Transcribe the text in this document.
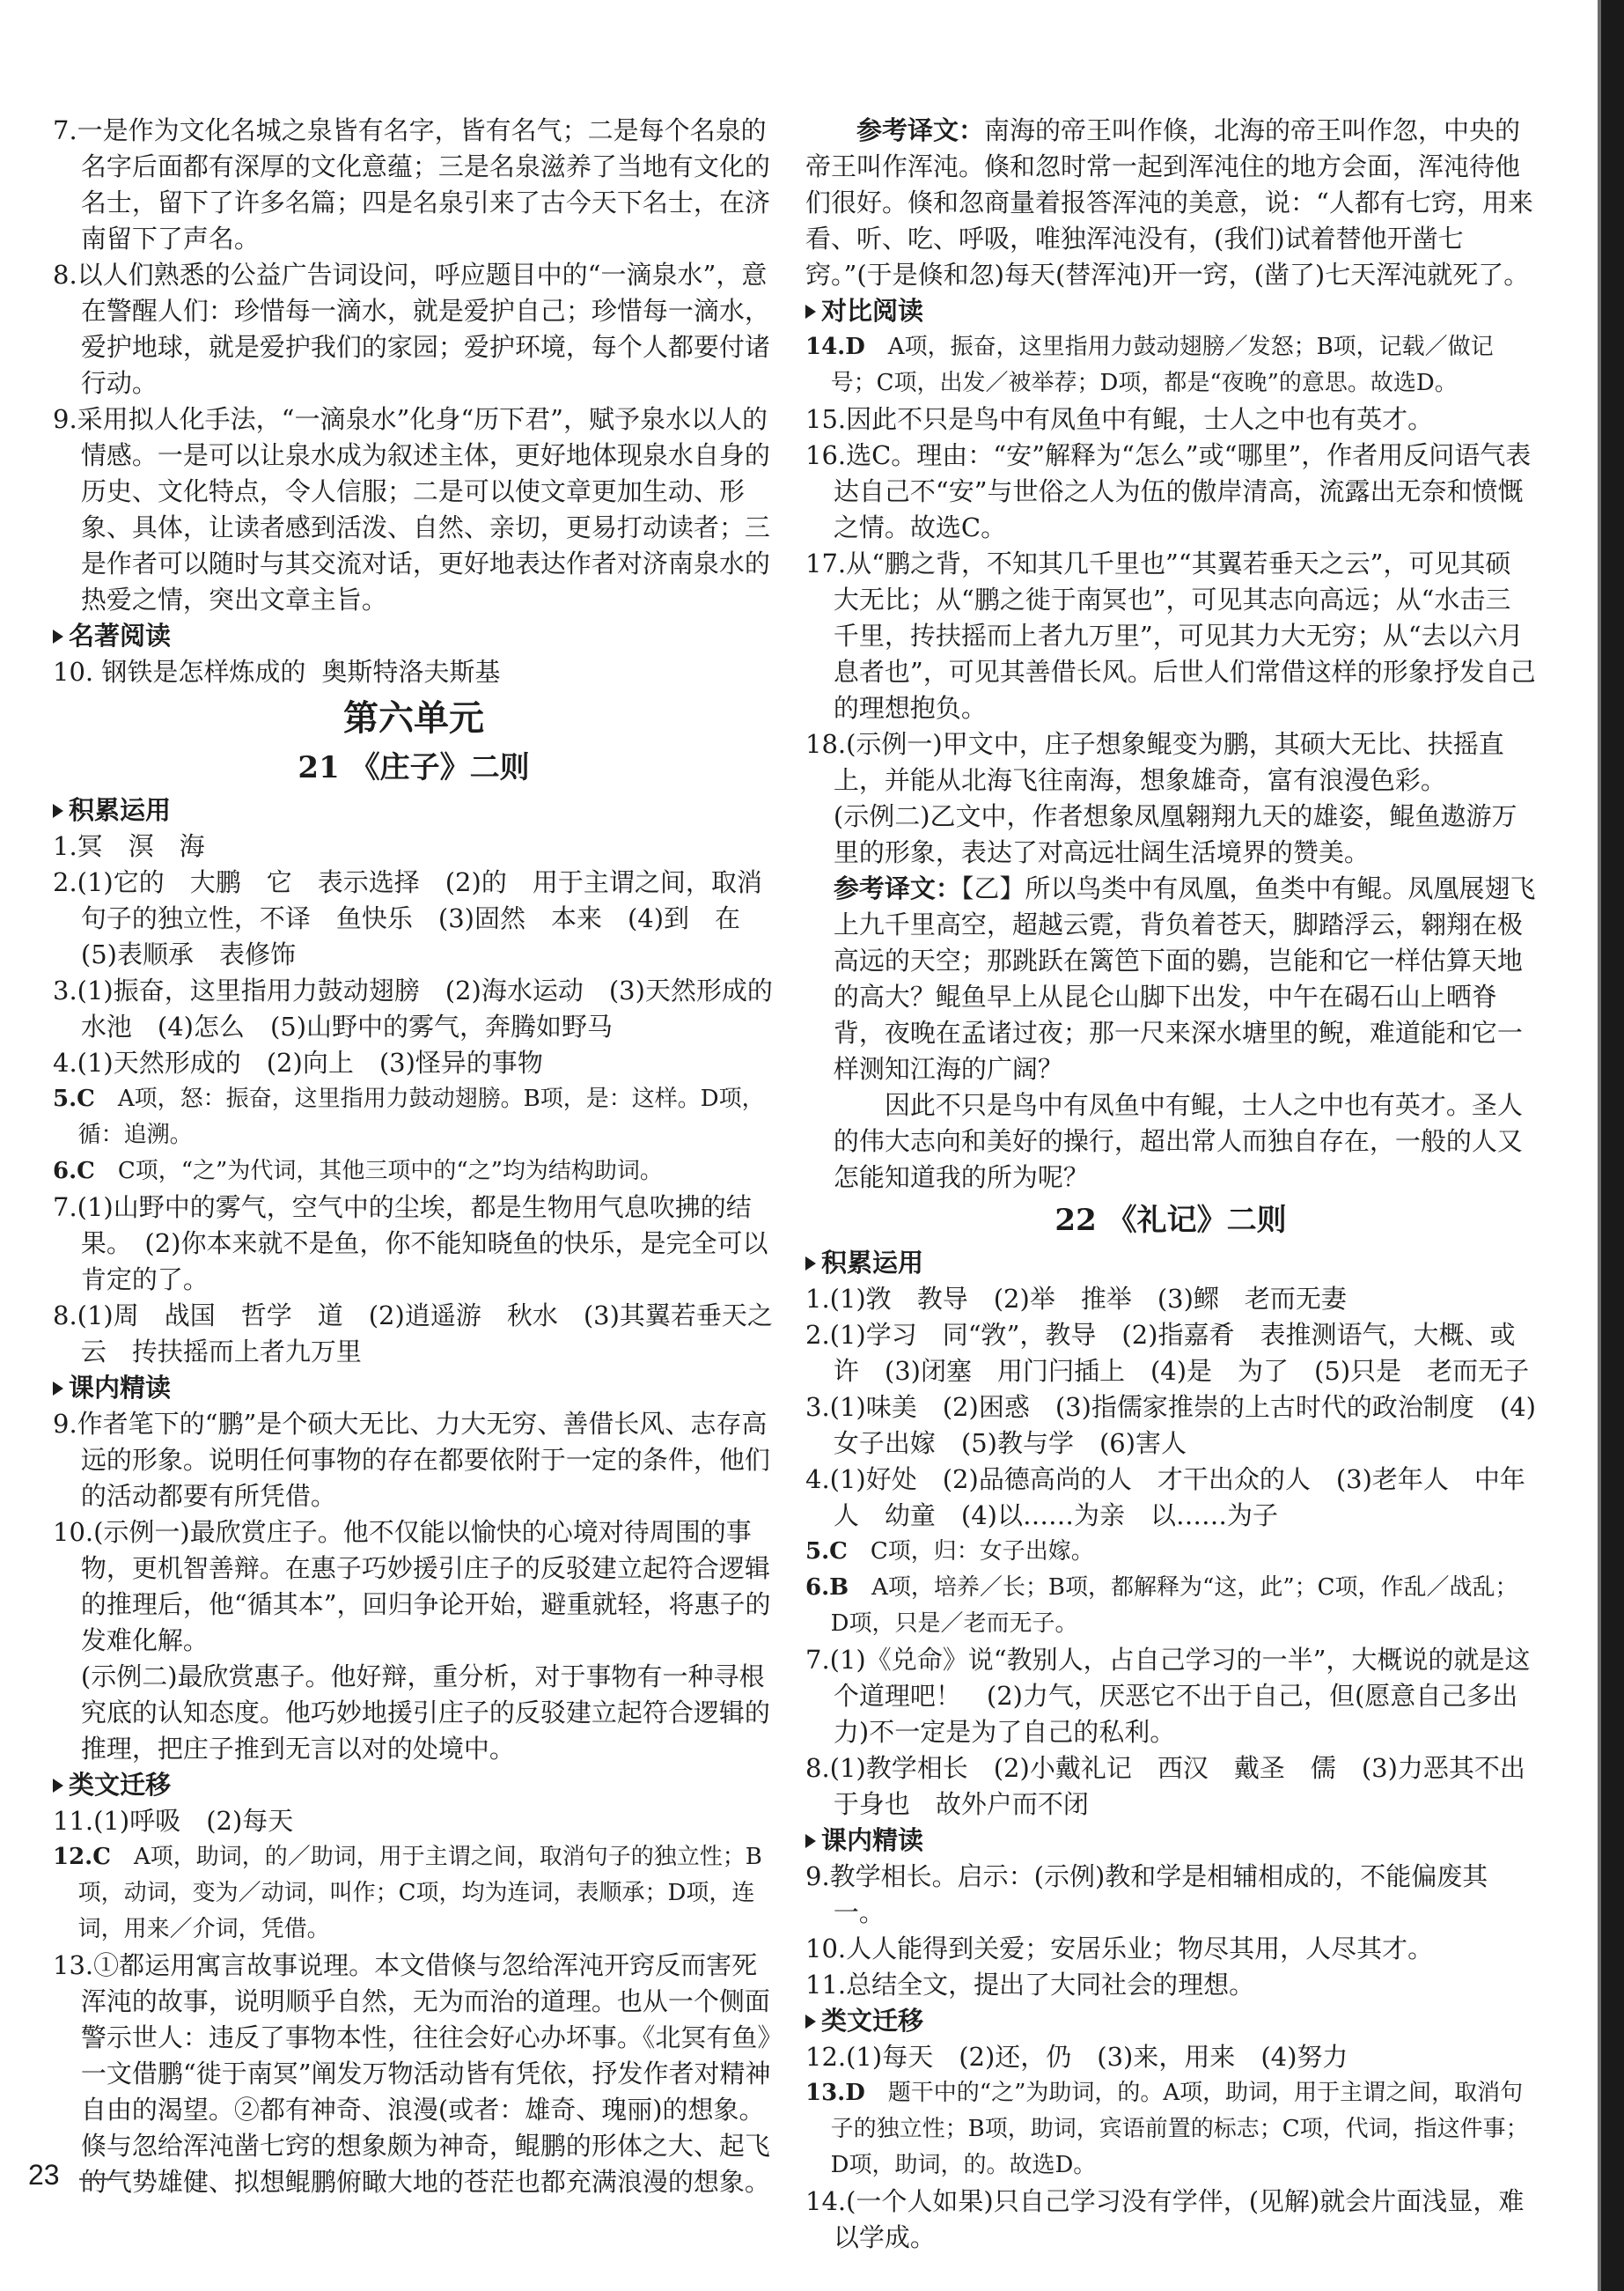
7.一是作为文化名城之泉皆有名字，皆有名气；二是每个名泉的名字后面都有深厚的文化意蕴；三是名泉滋养了当地有文化的名士，留下了许多名篇；四是名泉引来了古今天下名士，在济南留下了声名。

8.以人们熟悉的公益广告词设问，呼应题目中的“一滴泉水”，意在警醒人们：珍惜每一滴水，就是爱护自己；珍惜每一滴水，爱护地球，就是爱护我们的家园；爱护环境，每个人都要付诸行动。

9.采用拟人化手法，“一滴泉水”化身“历下君”，赋予泉水以人的情感。一是可以让泉水成为叙述主体，更好地体现泉水自身的历史、文化特点，令人信服；二是可以使文章更加生动、形象、具体，让读者感到活泼、自然、亲切，更易打动读者；三是作者可以随时与其交流对话，更好地表达作者对济南泉水的热爱之情，突出文章主旨。

名著阅读

10. 钢铁是怎样炼成的 奥斯特洛夫斯基

第六单元

21 《庄子》二则

积累运用

1.冥　溟　海

2.(1)它的　大鹏　它　表示选择　(2)的　用于主谓之间，取消句子的独立性，不译　鱼快乐　(3)固然　本来　(4)到　在　(5)表顺承　表修饰

3.(1)振奋，这里指用力鼓动翅膀　(2)海水运动　(3)天然形成的水池　(4)怎么　(5)山野中的雾气，奔腾如野马

4.(1)天然形成的　(2)向上　(3)怪异的事物

5.C　 A项，怒：振奋，这里指用力鼓动翅膀。B项，是：这样。D项，循：追溯。

6.C　 C项，“之”为代词，其他三项中的“之”均为结构助词。

7.(1)山野中的雾气，空气中的尘埃，都是生物用气息吹拂的结果。　(2)你本来就不是鱼，你不能知晓鱼的快乐，是完全可以肯定的了。

8.(1)周　战国　哲学　道　(2)逍遥游　秋水　(3)其翼若垂天之云　抟扶摇而上者九万里

课内精读

9.作者笔下的“鹏”是个硕大无比、力大无穷、善借长风、志存高远的形象。说明任何事物的存在都要依附于一定的条件，他们的活动都要有所凭借。

10.(示例一)最欣赏庄子。他不仅能以愉快的心境对待周围的事物，更机智善辩。在惠子巧妙援引庄子的反驳建立起符合逻辑的推理后，他“循其本”，回归争论开始，避重就轻，将惠子的发难化解。

(示例二)最欣赏惠子。他好辩，重分析，对于事物有一种寻根究底的认知态度。他巧妙地援引庄子的反驳建立起符合逻辑的推理，把庄子推到无言以对的处境中。

类文迁移

11.(1)呼吸　(2)每天

12.C　 A项，助词，的／助词，用于主谓之间，取消句子的独立性；B项，动词，变为／动词，叫作；C项，均为连词，表顺承；D项，连词，用来／介词，凭借。

13.①都运用寓言故事说理。本文借倏与忽给浑沌开窍反而害死浑沌的故事，说明顺乎自然，无为而治的道理。也从一个侧面警示世人：违反了事物本性，往往会好心办坏事。《北冥有鱼》一文借鹏“徙于南冥”阐发万物活动皆有凭依，抒发作者对精神自由的渴望。②都有神奇、浪漫(或者：雄奇、瑰丽)的想象。倏与忽给浑沌凿七窍的想象颇为神奇，鲲鹏的形体之大、起飞的气势雄健、拟想鲲鹏俯瞰大地的苍茫也都充满浪漫的想象。

参考译文：南海的帝王叫作倏，北海的帝王叫作忽，中央的帝王叫作浑沌。倏和忽时常一起到浑沌住的地方会面，浑沌待他们很好。倏和忽商量着报答浑沌的美意，说：“人都有七窍，用来看、听、吃、呼吸，唯独浑沌没有，(我们)试着替他开凿七窍。”(于是倏和忽)每天(替浑沌)开一窍，(凿了)七天浑沌就死了。

对比阅读

14.D　 A项，振奋，这里指用力鼓动翅膀／发怒；B项，记载／做记号；C项，出发／被举荐；D项，都是“夜晚”的意思。故选D。

15.因此不只是鸟中有凤鱼中有鲲，士人之中也有英才。

16.选C。理由：“安”解释为“怎么”或“哪里”，作者用反问语气表达自己不“安”与世俗之人为伍的傲岸清高，流露出无奈和愤慨之情。故选C。

17.从“鹏之背，不知其几千里也”“其翼若垂天之云”，可见其硕大无比；从“鹏之徙于南冥也”，可见其志向高远；从“水击三千里，抟扶摇而上者九万里”，可见其力大无穷；从“去以六月息者也”，可见其善借长风。后世人们常借这样的形象抒发自己的理想抱负。

18.(示例一)甲文中，庄子想象鲲变为鹏，其硕大无比、扶摇直上，并能从北海飞往南海，想象雄奇，富有浪漫色彩。

(示例二)乙文中，作者想象凤凰翱翔九天的雄姿，鲲鱼遨游万里的形象，表达了对高远壮阔生活境界的赞美。

参考译文：【乙】所以鸟类中有凤凰，鱼类中有鲲。凤凰展翅飞上九千里高空，超越云霓，背负着苍天，脚踏浮云，翱翔在极高远的天空；那跳跃在篱笆下面的鷃，岂能和它一样估算天地的高大？鲲鱼早上从昆仑山脚下出发，中午在碣石山上晒脊背，夜晚在孟诸过夜；那一尺来深水塘里的鲵，难道能和它一样测知江海的广阔？

因此不只是鸟中有凤鱼中有鲲，士人之中也有英才。圣人的伟大志向和美好的操行，超出常人而独自存在，一般的人又怎能知道我的所为呢？

22 《礼记》二则

积累运用

1.(1)敩　教导　(2)举　推举　(3)鳏　老而无妻

2.(1)学习　同“敩”，教导　(2)指嘉肴　表推测语气，大概、或许　(3)闭塞　用门闩插上　(4)是　为了　(5)只是　老而无子

3.(1)味美　(2)困惑　(3)指儒家推崇的上古时代的政治制度　(4)女子出嫁　(5)教与学　(6)害人

4.(1)好处　(2)品德高尚的人　才干出众的人　(3)老年人　中年人　幼童　(4)以……为亲　以……为子

5.C　 C项，归：女子出嫁。

6.B　 A项，培养／长；B项，都解释为“这，此”；C项，作乱／战乱；D项，只是／老而无子。

7.(1)《兑命》说“教别人，占自己学习的一半”，大概说的就是这个道理吧！　(2)力气，厌恶它不出于自己，但(愿意自己多出力)不一定是为了自己的私利。

8.(1)教学相长　(2)小戴礼记　西汉　戴圣　儒　(3)力恶其不出于身也　故外户而不闭

课内精读

9.教学相长。启示：(示例)教和学是相辅相成的，不能偏废其一。

10.人人能得到关爱；安居乐业；物尽其用，人尽其才。

11.总结全文，提出了大同社会的理想。

类文迁移

12.(1)每天　(2)还，仍　(3)来，用来　(4)努力

13.D　 题干中的“之”为助词，的。A项，助词，用于主谓之间，取消句子的独立性；B项，助词，宾语前置的标志；C项，代词，指这件事；D项，助词，的。故选D。

14.(一个人如果)只自己学习没有学伴，(见解)就会片面浅显，难以学成。

23
